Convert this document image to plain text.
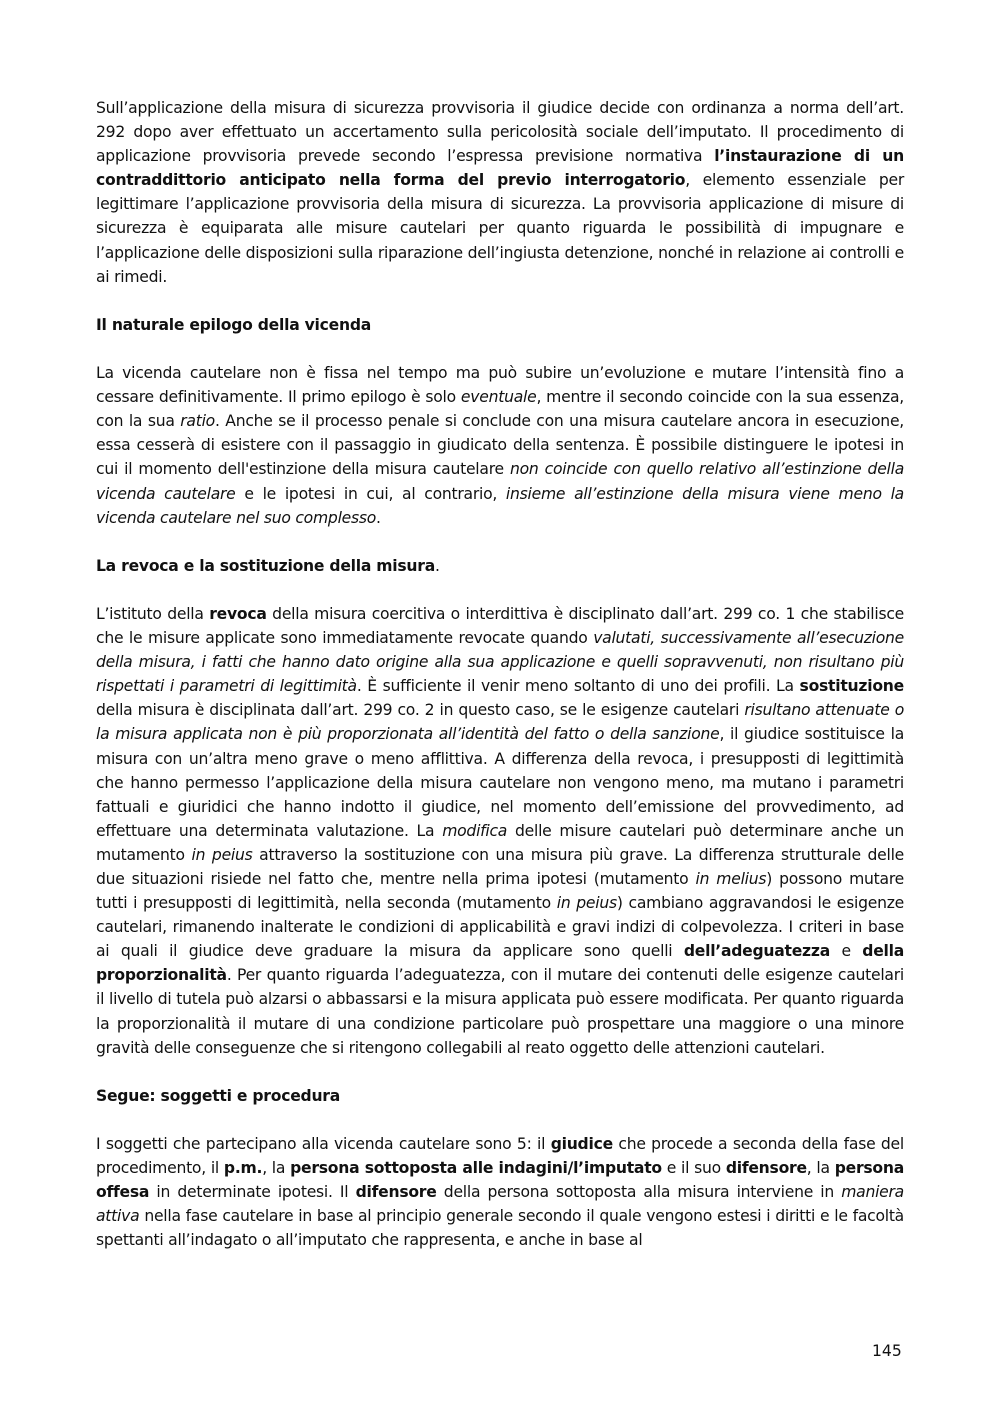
Sull’applicazione della misura di sicurezza provvisoria il giudice decide con ordinanza a norma dell’art. 292 dopo aver effettuato un accertamento sulla pericolosità sociale dell’imputato. Il procedimento di applicazione provvisoria prevede secondo l’espressa previsione normativa l’instaurazione di un contraddittorio anticipato nella forma del previo interrogatorio, elemento essenziale per legittimare l’applicazione provvisoria della misura di sicurezza. La provvisoria applicazione di misure di sicurezza è equiparata alle misure cautelari per quanto riguarda le possibilità di impugnare e l’applicazione delle disposizioni sulla riparazione dell’ingiusta detenzione, nonché in relazione ai controlli e ai rimedi.

Il naturale epilogo della vicenda

La vicenda cautelare non è fissa nel tempo ma può subire un’evoluzione e mutare l’intensità fino a cessare definitivamente. Il primo epilogo è solo eventuale, mentre il secondo coincide con la sua essenza, con la sua ratio. Anche se il processo penale si conclude con una misura cautelare ancora in esecuzione, essa cesserà di esistere con il passaggio in giudicato della sentenza. È possibile distinguere le ipotesi in cui il momento dell'estinzione della misura cautelare non coincide con quello relativo all’estinzione della vicenda cautelare e le ipotesi in cui, al contrario, insieme all’estinzione della misura viene meno la vicenda cautelare nel suo complesso.

La revoca e la sostituzione della misura.

L’istituto della revoca della misura coercitiva o interdittiva è disciplinato dall’art. 299 co. 1 che stabilisce che le misure applicate sono immediatamente revocate quando valutati, successivamente all’esecuzione della misura, i fatti che hanno dato origine alla sua applicazione e quelli sopravvenuti, non risultano più rispettati i parametri di legittimità. È sufficiente il venir meno soltanto di uno dei profili. La sostituzione della misura è disciplinata dall’art. 299 co. 2 in questo caso, se le esigenze cautelari risultano attenuate o la misura applicata non è più proporzionata all’identità del fatto o della sanzione, il giudice sostituisce la misura con un’altra meno grave o meno afflittiva. A differenza della revoca, i presupposti di legittimità che hanno permesso l’applicazione della misura cautelare non vengono meno, ma mutano i parametri fattuali e giuridici che hanno indotto il giudice, nel momento dell’emissione del provvedimento, ad effettuare una determinata valutazione. La modifica delle misure cautelari può determinare anche un mutamento in peius attraverso la sostituzione con una misura più grave. La differenza strutturale delle due situazioni risiede nel fatto che, mentre nella prima ipotesi (mutamento in melius) possono mutare tutti i presupposti di legittimità, nella seconda (mutamento in peius) cambiano aggravandosi le esigenze cautelari, rimanendo inalterate le condizioni di applicabilità e gravi indizi di colpevolezza. I criteri in base ai quali il giudice deve graduare la misura da applicare sono quelli dell’adeguatezza e della proporzionalità. Per quanto riguarda l’adeguatezza, con il mutare dei contenuti delle esigenze cautelari il livello di tutela può alzarsi o abbassarsi e la misura applicata può essere modificata. Per quanto riguarda la proporzionalità il mutare di una condizione particolare può prospettare una maggiore o una minore gravità delle conseguenze che si ritengono collegabili al reato oggetto delle attenzioni cautelari.

Segue: soggetti e procedura

I soggetti che partecipano alla vicenda cautelare sono 5: il giudice che procede a seconda della fase del procedimento, il p.m., la persona sottoposta alle indagini/l’imputato e il suo difensore, la persona offesa in determinate ipotesi. Il difensore della persona sottoposta alla misura interviene in maniera attiva nella fase cautelare in base al principio generale secondo il quale vengono estesi i diritti e le facoltà spettanti all’indagato o all’imputato che rappresenta, e anche in base al

145
